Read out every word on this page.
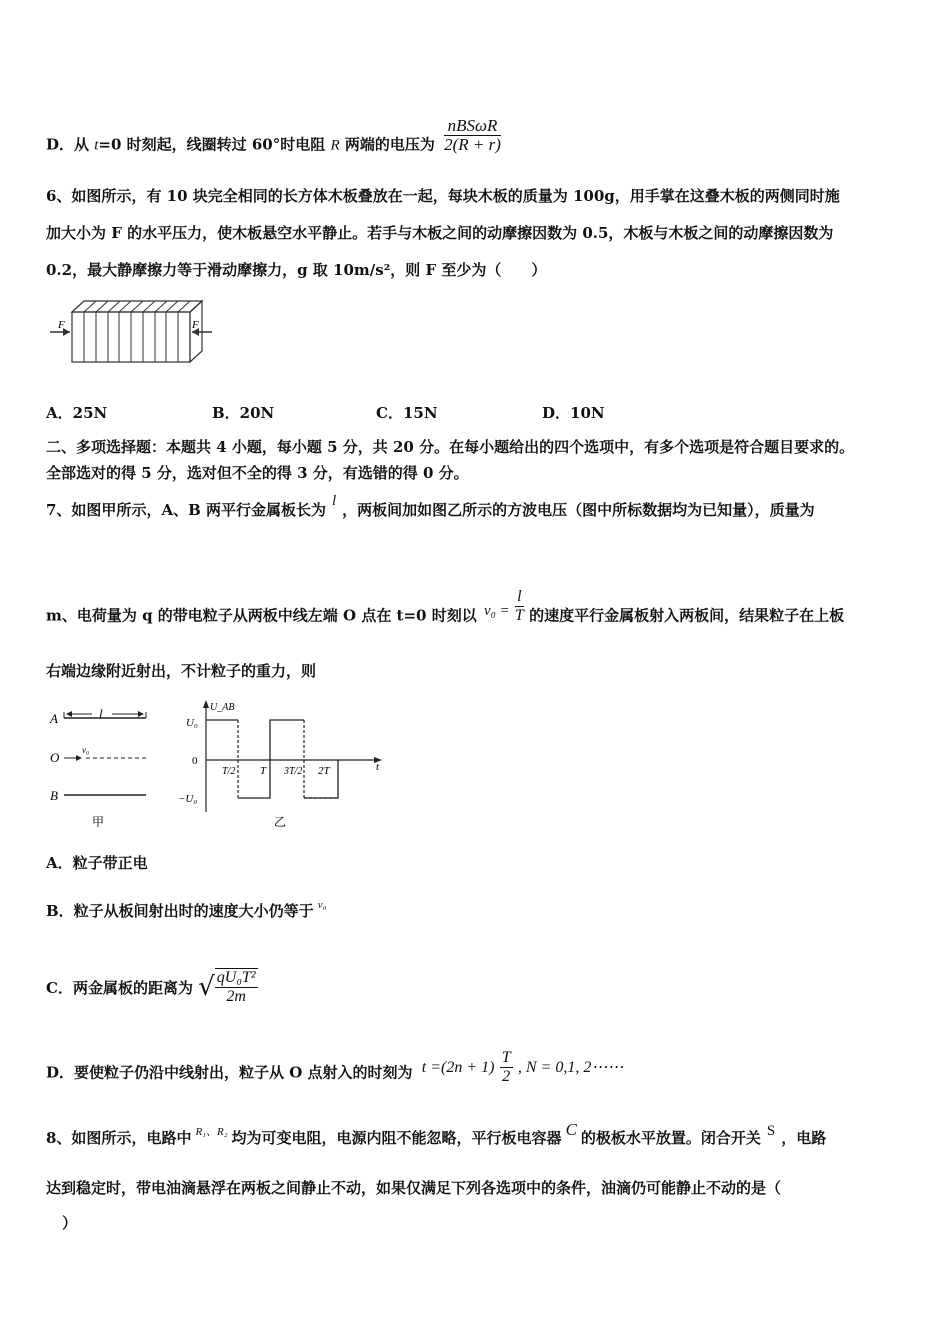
D．从 t=0 时刻起，线圈转过 60°时电阻 R 两端的电压为 $\frac{\text{nBSωR}}{2(R + r)}$
6、如图所示，有 10 块完全相同的长方体木板叠放在一起，每块木板的质量为 100g，用手掌在这叠木板的两侧同时施
加大小为 F 的水平压力，使木板悬空水平静止。若手与木板之间的动摩擦因数为 0.5，木板与木板之间的动摩擦因数为
0.2，最大静摩擦力等于滑动摩擦力，g 取 10m/s²，则 F 至少为（　　）
F	F
A．25N	B．20N	C．15N	D．10N
二、多项选择题：本题共 4 小题，每小题 5 分，共 20 分。在每小题给出的四个选项中，有多个选项是符合题目要求的。
全部选对的得 5 分，选对但不全的得 3 分，有选错的得 0 分。
7、如图甲所示，A、B 两平行金属板长为 l ，两板间加如图乙所示的方波电压（图中所标数据均为已知量），质量为
m、电荷量为 q 的带电粒子从两板中线左端 O 点在 t=0 时刻以 $v_0 = \frac{l}{T}$ 的速度平行金属板射入两板间，结果粒子在上板
右端边缘附近射出，不计粒子的重力，则
A	l
O	v₀
B
甲
U_AB
t
U₀
0
−U₀
T/2 T 3T/2 2T
乙
A．粒子带正电
B．粒子从板间射出时的速度大小仍等于 $^{v_0}$
C．两金属板的距离为 √ $\frac{\text{qU₀T²}}{2m}$
D．要使粒子仍沿中线射出，粒子从 O 点射入的时刻为 $t =(2n + 1) \frac{T}{2}$ , N = 0,1, 2⋯⋯
8、如图所示，电路中 $^{R_1、R_2}$ 均为可变电阻，电源内阻不能忽略，平行板电容器 C 的极板水平放置。闭合开关 S ，电路
达到稳定时，带电油滴悬浮在两板之间静止不动，如果仅满足下列各选项中的条件，油滴仍可能静止不动的是（
）
